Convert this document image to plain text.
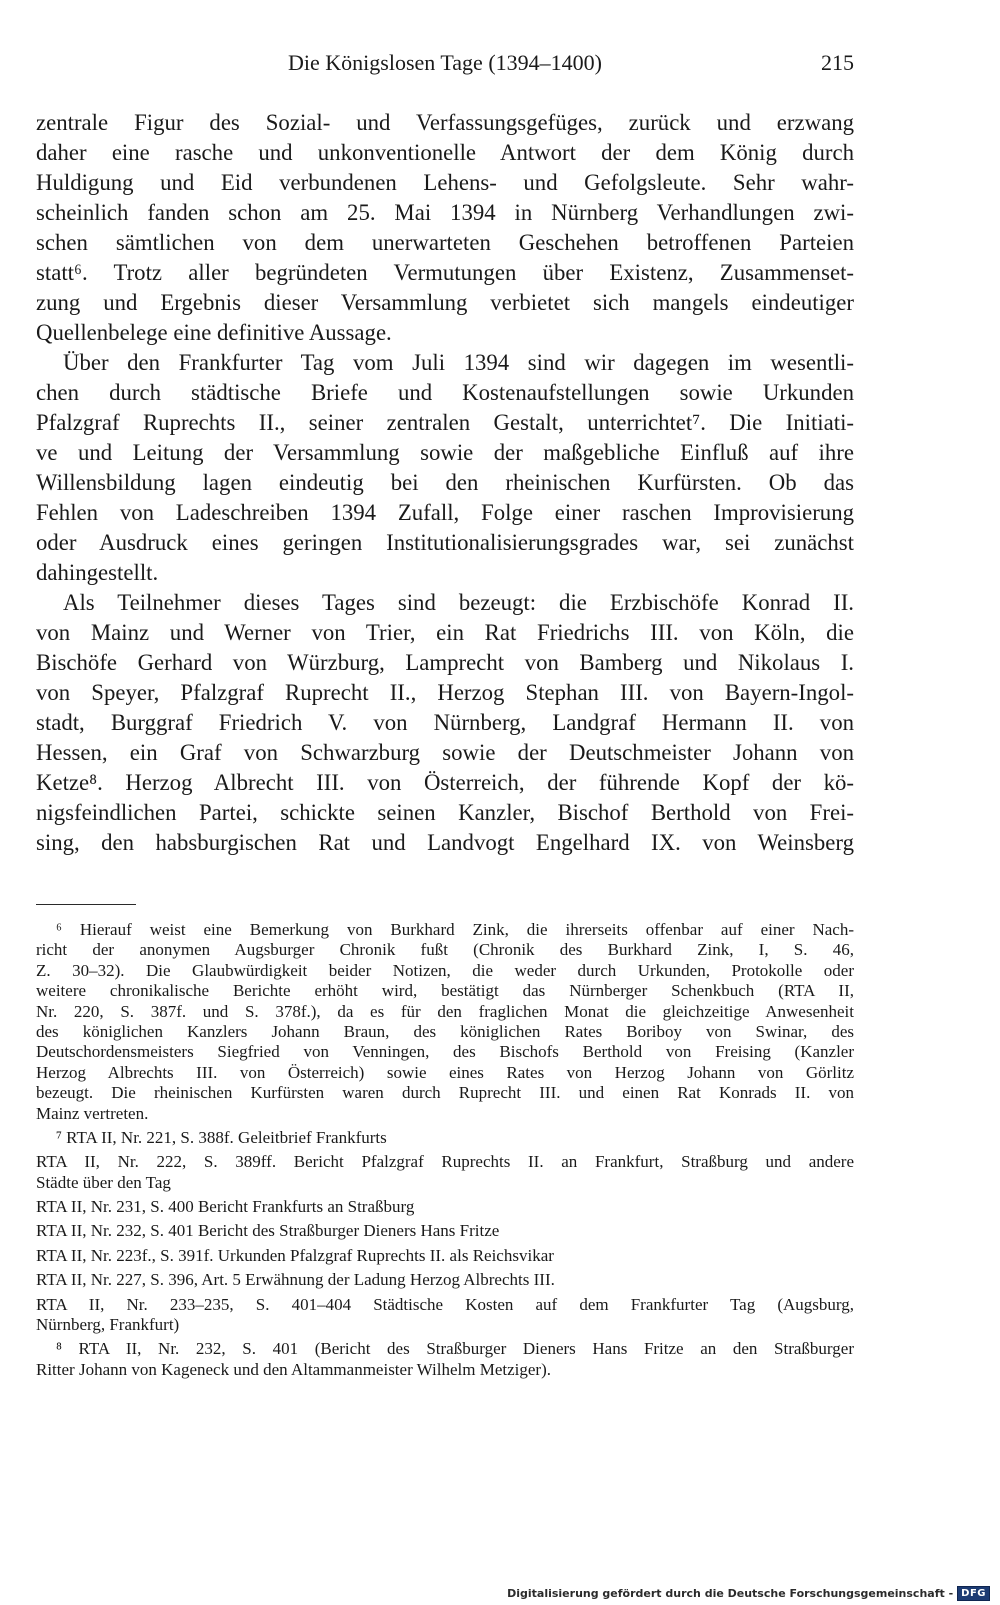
Die Königslosen Tage (1394–1400)	215
zentrale Figur des Sozial- und Verfassungsgefüges, zurück und erzwang
daher eine rasche und unkonventionelle Antwort der dem König durch
Huldigung und Eid verbundenen Lehens- und Gefolgsleute. Sehr wahr-
scheinlich fanden schon am 25. Mai 1394 in Nürnberg Verhandlungen zwi-
schen sämtlichen von dem unerwarteten Geschehen betroffenen Parteien
statt⁶. Trotz aller begründeten Vermutungen über Existenz, Zusammenset-
zung und Ergebnis dieser Versammlung verbietet sich mangels eindeutiger
Quellenbelege eine definitive Aussage.
Über den Frankfurter Tag vom Juli 1394 sind wir dagegen im wesentli-
chen durch städtische Briefe und Kostenaufstellungen sowie Urkunden
Pfalzgraf Ruprechts II., seiner zentralen Gestalt, unterrichtet⁷. Die Initiati-
ve und Leitung der Versammlung sowie der maßgebliche Einfluß auf ihre
Willensbildung lagen eindeutig bei den rheinischen Kurfürsten. Ob das
Fehlen von Ladeschreiben 1394 Zufall, Folge einer raschen Improvisierung
oder Ausdruck eines geringen Institutionalisierungsgrades war, sei zunächst
dahingestellt.
Als Teilnehmer dieses Tages sind bezeugt: die Erzbischöfe Konrad II.
von Mainz und Werner von Trier, ein Rat Friedrichs III. von Köln, die
Bischöfe Gerhard von Würzburg, Lamprecht von Bamberg und Nikolaus I.
von Speyer, Pfalzgraf Ruprecht II., Herzog Stephan III. von Bayern-Ingol-
stadt, Burggraf Friedrich V. von Nürnberg, Landgraf Hermann II. von
Hessen, ein Graf von Schwarzburg sowie der Deutschmeister Johann von
Ketze⁸. Herzog Albrecht III. von Österreich, der führende Kopf der kö-
nigsfeindlichen Partei, schickte seinen Kanzler, Bischof Berthold von Frei-
sing, den habsburgischen Rat und Landvogt Engelhard IX. von Weinsberg
⁶ Hierauf weist eine Bemerkung von Burkhard Zink, die ihrerseits offenbar auf einer Nach-
richt der anonymen Augsburger Chronik fußt (Chronik des Burkhard Zink, I, S. 46,
Z. 30–32). Die Glaubwürdigkeit beider Notizen, die weder durch Urkunden, Protokolle oder
weitere chronikalische Berichte erhöht wird, bestätigt das Nürnberger Schenkbuch (RTA II,
Nr. 220, S. 387f. und S. 378f.), da es für den fraglichen Monat die gleichzeitige Anwesenheit
des königlichen Kanzlers Johann Braun, des königlichen Rates Boriboy von Swinar, des
Deutschordensmeisters Siegfried von Venningen, des Bischofs Berthold von Freising (Kanzler
Herzog Albrechts III. von Österreich) sowie eines Rates von Herzog Johann von Görlitz
bezeugt. Die rheinischen Kurfürsten waren durch Ruprecht III. und einen Rat Konrads II. von
Mainz vertreten.
⁷ RTA II, Nr. 221, S. 388f. Geleitbrief Frankfurts
RTA II, Nr. 222, S. 389ff. Bericht Pfalzgraf Ruprechts II. an Frankfurt, Straßburg und andere
Städte über den Tag
RTA II, Nr. 231, S. 400 Bericht Frankfurts an Straßburg
RTA II, Nr. 232, S. 401 Bericht des Straßburger Dieners Hans Fritze
RTA II, Nr. 223f., S. 391f. Urkunden Pfalzgraf Ruprechts II. als Reichsvikar
RTA II, Nr. 227, S. 396, Art. 5 Erwähnung der Ladung Herzog Albrechts III.
RTA II, Nr. 233–235, S. 401–404 Städtische Kosten auf dem Frankfurter Tag (Augsburg,
Nürnberg, Frankfurt)
⁸ RTA II, Nr. 232, S. 401 (Bericht des Straßburger Dieners Hans Fritze an den Straßburger
Ritter Johann von Kageneck und den Altammanmeister Wilhelm Metziger).
Digitalisierung gefördert durch die Deutsche Forschungsgemeinschaft - DFG
